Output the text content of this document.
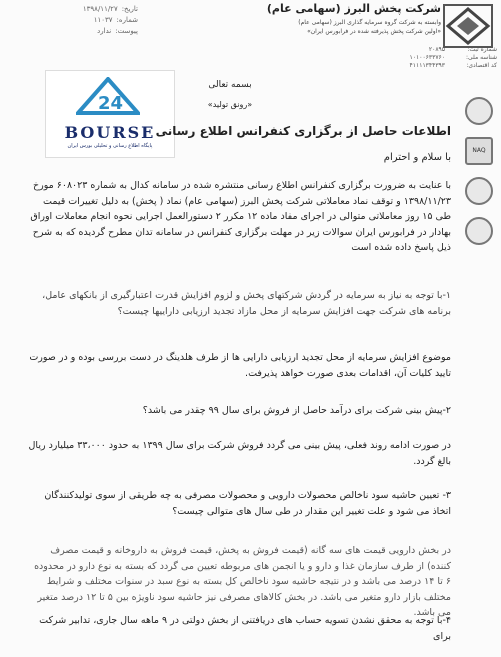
شرکت پخش البرز (سهامی عام)
وابسته به شرکت گروه سرمایه گذاری البرز (سهامی عام)
«اولین شرکت پخش پذیرفته شده در فرابورس ایران»
شماره ثبت:
شناسه ملی:
کد اقتصادی:
۲۰۸۹۵
۱۰۱۰۰۶۳۳۷۶۰
۴۱۱۱۱۳۴۴۳۹۳
تاریخ:
۱۳۹۸/۱۱/۲۷
شماره:
۱۱۰۳۷
پیوست:
ندارد
NAQ
24
BOURSE
پایگاه اطلاع رسانی و تحلیلی بورس ایران
بسمه تعالی
«رونق تولید»
اطلاعات حاصل از برگزاری کنفرانس اطلاع رسانی
با سلام و احترام
با عنایت به ضرورت برگزاری کنفرانس اطلاع رسانی منتشره شده در سامانه کدال به شماره ۶۰۸۰۲۳ مورخ ۱۳۹۸/۱۱/۲۳ و توقف نماد معاملاتی شرکت پخش البرز (سهامی عام) نماد ( پخش) به دلیل تغییرات قیمت طی ۱۵ روز معاملاتی متوالی در اجرای مفاد ماده ۱۲ مکرر ۲ دستورالعمل اجرایی نحوه انجام معاملات اوراق بهادار در فرابورس ایران سوالات زیر در مهلت برگزاری کنفرانس در سامانه تدان مطرح گردیده که به شرح ذیل پاسخ داده شده است
۱-با توجه به نیاز به سرمایه در گردش شرکتهای پخش و لزوم افزایش قدرت اعتبارگیری از بانکهای عامل، برنامه های شرکت جهت افزایش سرمایه از محل مازاد تجدید ارزیابی داراییها چیست؟
موضوع افزایش سرمایه از محل تجدید ارزیابی دارایی ها از طرف هلدینگ در دست بررسی بوده و در صورت تایید کلیات آن، اقدامات بعدی صورت خواهد پذیرفت.
۲-پیش بینی شرکت برای درآمد حاصل از فروش برای سال ۹۹ چقدر می باشد؟
در صورت ادامه روند فعلی، پیش بینی می گردد فروش شرکت برای سال ۱۳۹۹ به حدود ۳۳،۰۰۰ میلیارد ریال بالغ گردد.
۳- تعیین حاشیه سود ناخالص محصولات دارویی و محصولات مصرفی به چه طریقی از سوی تولیدکنندگان اتخاذ می شود و علت تغییر این مقدار در طی سال های متوالی چیست؟
در بخش دارویی قیمت های سه گانه (قیمت فروش به پخش، قیمت فروش به داروخانه و قیمت مصرف کننده) از طرف سازمان غذا و دارو و یا انجمن های مربوطه تعیین می گردد که بسته به نوع دارو در محدوده ۶ تا ۱۴ درصد می باشد و در نتیجه حاشیه سود ناخالص کل بسته به نوع سبد در سنوات مختلف و شرایط مختلف بازار دارو متغیر می باشد. در بخش کالاهای مصرفی نیز حاشیه سود ناویژه بین ۵ تا ۱۲ درصد متغیر می باشد.
۴-با توجه به محقق نشدن تسویه حساب های دریافتنی از بخش دولتی در ۹ ماهه سال جاری، تدابیر شرکت برای
